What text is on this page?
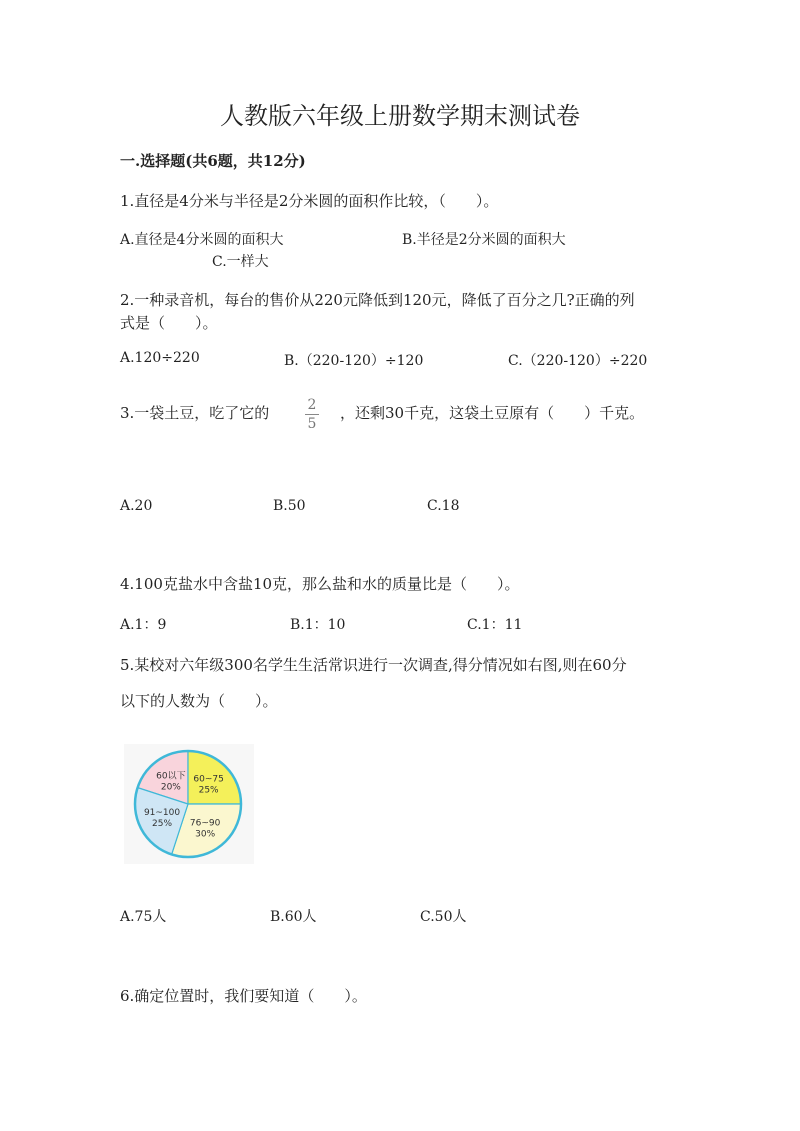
人教版六年级上册数学期末测试卷
一.选择题(共6题，共12分)
1.直径是4分米与半径是2分米圆的面积作比较，（　　）。
A.直径是4分米圆的面积大	B.半径是2分米圆的面积大
C.一样大
2.一种录音机，每台的售价从220元降低到120元，降低了百分之几?正确的列
式是（　　）。
A.120÷220	B.（220-120）÷120	C.（220-120）÷220
3.一袋土豆，吃了它的	2
5
，还剩30千克，这袋土豆原有（　　）千克。
A.20	B.50	C.18
4.100克盐水中含盐10克，那么盐和水的质量比是（　　）。
A.1：9	B.1：10	C.1：11
5.某校对六年级300名学生生活常识进行一次调查,得分情况如右图,则在60分
以下的人数为（　　）。
60以下
20%
60~75
25%
76~90
30%
91~100
25%
A.75人	B.60人	C.50人
6.确定位置时，我们要知道（　　）。
